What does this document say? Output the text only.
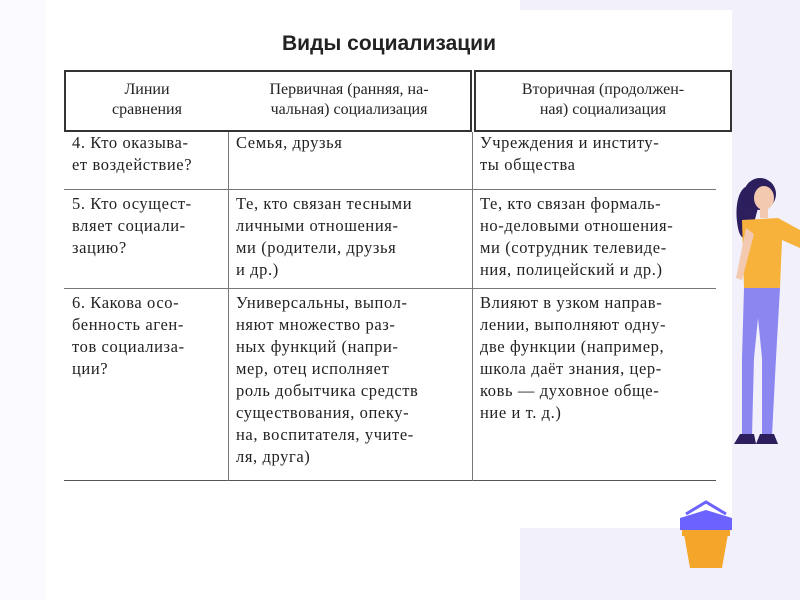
Виды социализации
Линии
сравнения
Первичная (ранняя, на-
чальная) социализация
Вторичная (продолжен-
ная) социализация
4. Кто оказыва-
ет воздействие?
Семья, друзья	Учреждения и институ-
ты общества
5. Кто осущест-
вляет социали-
зацию?
Те, кто связан тесными
личными отношения-
ми (родители, друзья
и др.)
Те, кто связан формаль-
но-деловыми отношения-
ми (сотрудник телевиде-
ния, полицейский и др.)
6. Какова осо-
бенность аген-
тов социализа-
ции?
Универсальны, выпол-
няют множество раз-
ных функций (напри-
мер, отец исполняет
роль добытчика средств
существования, опеку-
на, воспитателя, учите-
ля, друга)
Влияют в узком направ-
лении, выполняют одну-
две функции (например,
школа даёт знания, цер-
ковь — духовное обще-
ние и т. д.)
